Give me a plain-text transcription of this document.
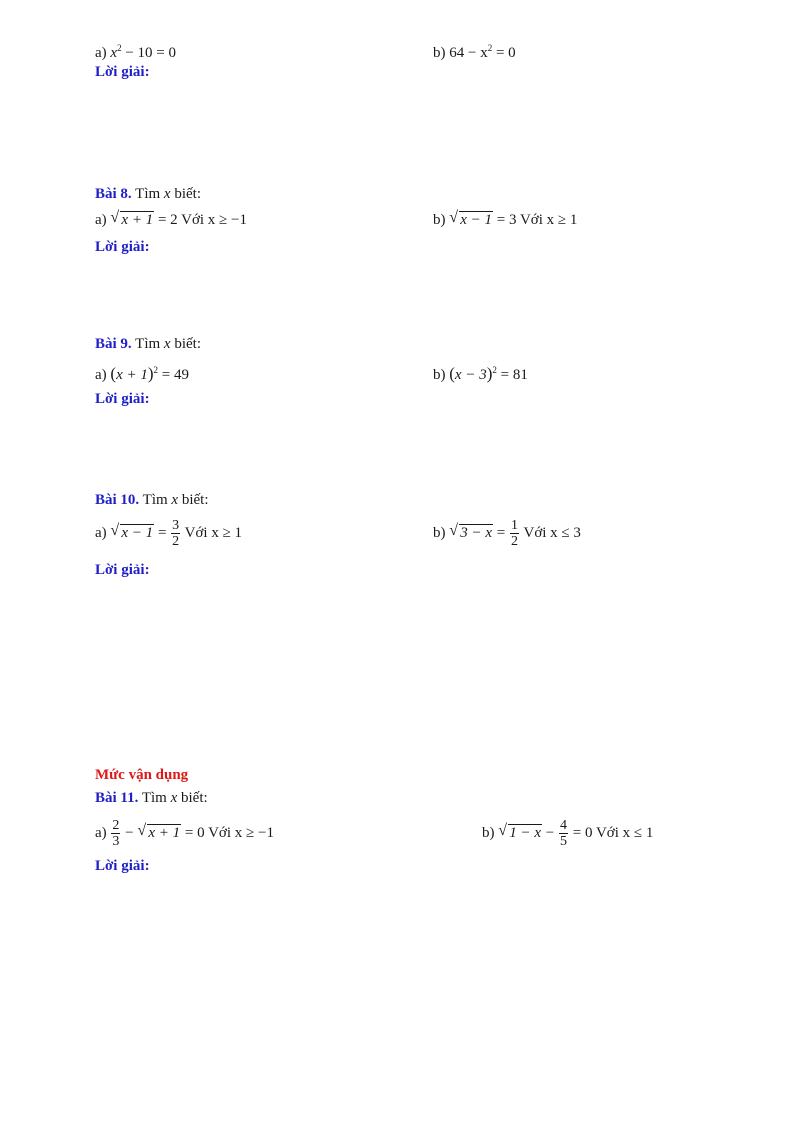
a) $x^2 - 10 = 0$	b) $64 - x^2 = 0$
Lời giải:
Bài 8. Tìm x biết:
a) √ x + 1 = 2 Với x ≥ −1	b) √ x − 1 = 3 Với x ≥ 1
Lời giải:
Bài 9. Tìm x biết:
a) $(x + 1)^2 = 49$	b) $(x - 3)^2 = 81$
Lời giải:
Bài 10. Tìm x biết:
a) √ $x - 1 = \frac{3}{2}$ Với x ≥ 1	b) √ $3 - x = \frac{1}{2}$ Với x ≤ 3
Lời giải:
Mức vận dụng
Bài 11. Tìm x biết:
$a) \frac{2}{3}$ − √ x + 1 = 0 Với x ≥ −1	b) √ $1 - x - \frac{4}{5} = 0$ Với x ≤ 1
Lời giải:
